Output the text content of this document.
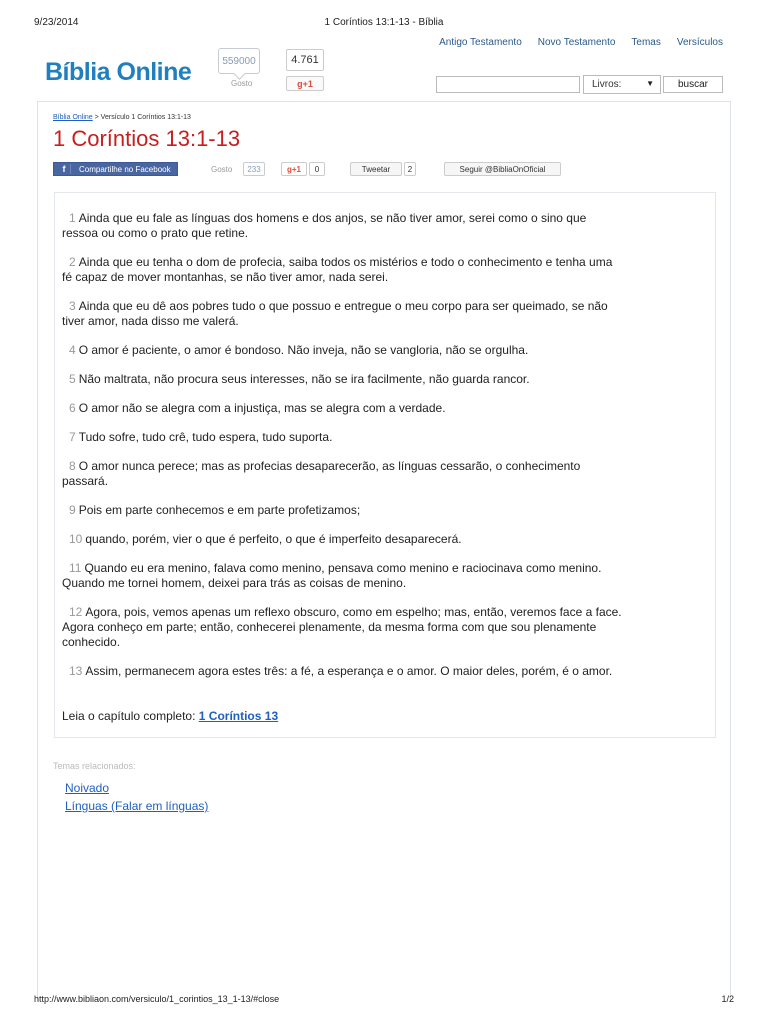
9/23/2014	1 Coríntios 13:1-13 - Bíblia
Antigo Testamento Novo Testamento Temas Versículos
Bíblia Online	559000
Gosto
4.761
g +1	Livros:	▼	buscar
Bíblia Online > Versículo 1 Coríntios 13:1-13
1 Coríntios 13:1-13
f	Compartilhe no Facebook	Gosto	233	g +1	0	Tweetar	2	Seguir @BibliaOnOficial

1 Ainda que eu fale as línguas dos homens e dos anjos, se não tiver amor, serei como o sino que ressoa ou como o prato que retine.

2 Ainda que eu tenha o dom de profecia, saiba todos os mistérios e todo o conhecimento e tenha uma fé capaz de mover montanhas, se não tiver amor, nada serei.

3 Ainda que eu dê aos pobres tudo o que possuo e entregue o meu corpo para ser queimado, se não tiver amor, nada disso me valerá.

4 O amor é paciente, o amor é bondoso. Não inveja, não se vangloria, não se orgulha.

5 Não maltrata, não procura seus interesses, não se ira facilmente, não guarda rancor.

6 O amor não se alegra com a injustiça, mas se alegra com a verdade.

7 Tudo sofre, tudo crê, tudo espera, tudo suporta.

8 O amor nunca perece; mas as profecias desaparecerão, as línguas cessarão, o conhecimento passará.

9 Pois em parte conhecemos e em parte profetizamos;

10 quando, porém, vier o que é perfeito, o que é imperfeito desaparecerá.

11 Quando eu era menino, falava como menino, pensava como menino e raciocinava como menino. Quando me tornei homem, deixei para trás as coisas de menino.

12 Agora, pois, vemos apenas um reflexo obscuro, como em espelho; mas, então, veremos face a face. Agora conheço em parte; então, conhecerei plenamente, da mesma forma com que sou plenamente conhecido.

13 Assim, permanecem agora estes três: a fé, a esperança e o amor. O maior deles, porém, é o amor.

Leia o capítulo completo: 1 Coríntios 13
Temas relacionados:
Noivado
Línguas (Falar em línguas)
http://www.bibliaon.com/versiculo/1_corintios_13_1-13/#close	1/2
